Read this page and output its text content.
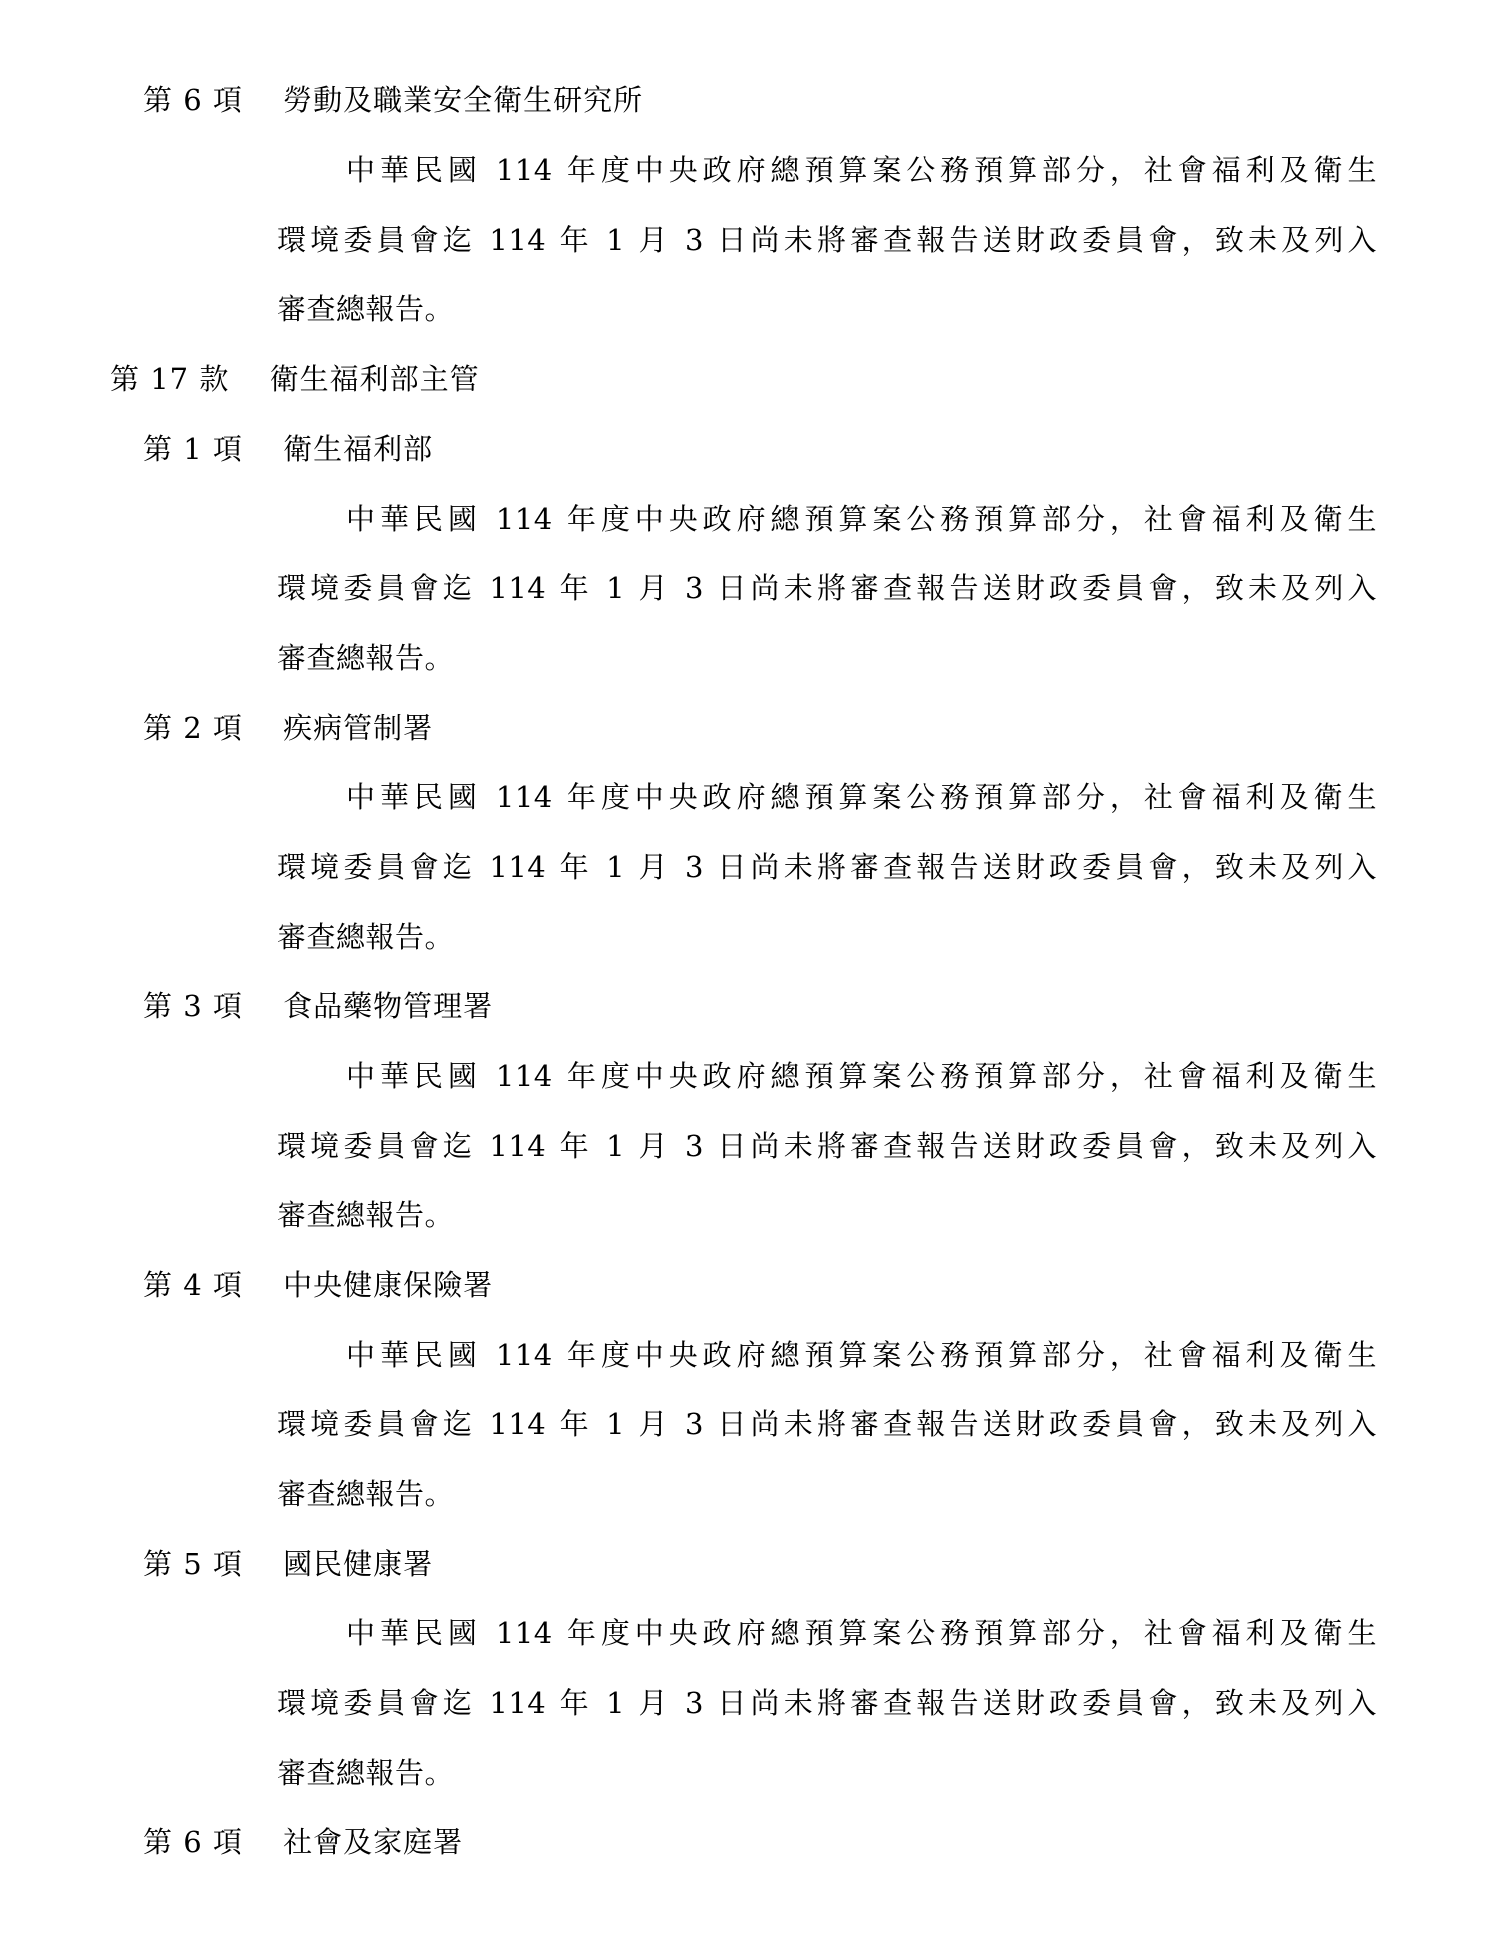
第 6 項 勞動及職業安全衛生研究所
中華民國 114 年度中央政府總預算案公務預算部分，社會福利及衛生
環境委員會迄 114 年 1 月 3 日尚未將審查報告送財政委員會，致未及列入
審查總報告。
第 17 款 衛生福利部主管
第 1 項 衛生福利部
中華民國 114 年度中央政府總預算案公務預算部分，社會福利及衛生
環境委員會迄 114 年 1 月 3 日尚未將審查報告送財政委員會，致未及列入
審查總報告。
第 2 項 疾病管制署
中華民國 114 年度中央政府總預算案公務預算部分，社會福利及衛生
環境委員會迄 114 年 1 月 3 日尚未將審查報告送財政委員會，致未及列入
審查總報告。
第 3 項 食品藥物管理署
中華民國 114 年度中央政府總預算案公務預算部分，社會福利及衛生
環境委員會迄 114 年 1 月 3 日尚未將審查報告送財政委員會，致未及列入
審查總報告。
第 4 項 中央健康保險署
中華民國 114 年度中央政府總預算案公務預算部分，社會福利及衛生
環境委員會迄 114 年 1 月 3 日尚未將審查報告送財政委員會，致未及列入
審查總報告。
第 5 項 國民健康署
中華民國 114 年度中央政府總預算案公務預算部分，社會福利及衛生
環境委員會迄 114 年 1 月 3 日尚未將審查報告送財政委員會，致未及列入
審查總報告。
第 6 項 社會及家庭署
